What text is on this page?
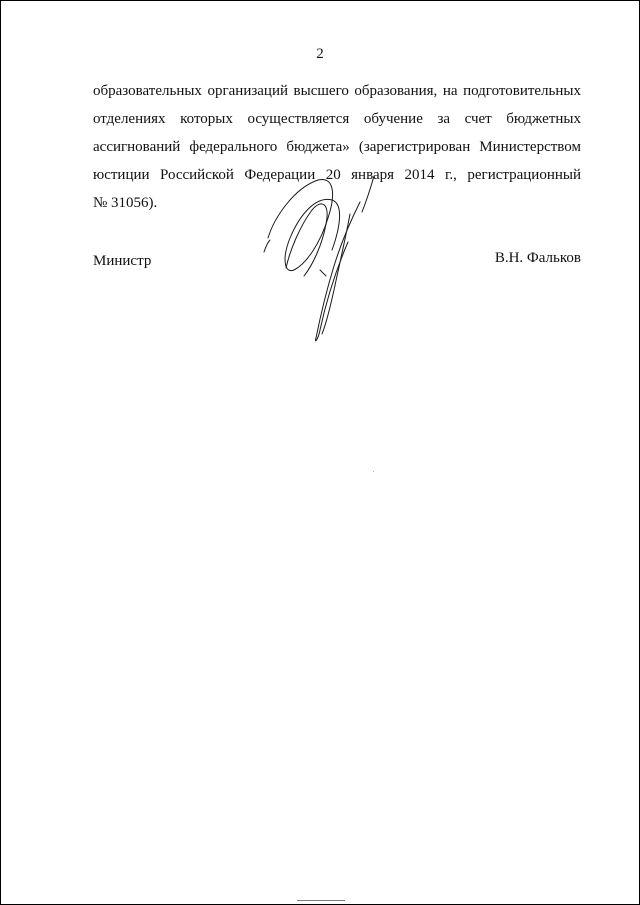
2
образовательных организаций высшего образования, на подготовительных
отделениях которых осуществляется обучение за счет бюджетных
ассигнований федерального бюджета» (зарегистрирован Министерством
юстиции Российской Федерации 20 января 2014 г., регистрационный
№ 31056).
Министр	В.Н. Фальков
